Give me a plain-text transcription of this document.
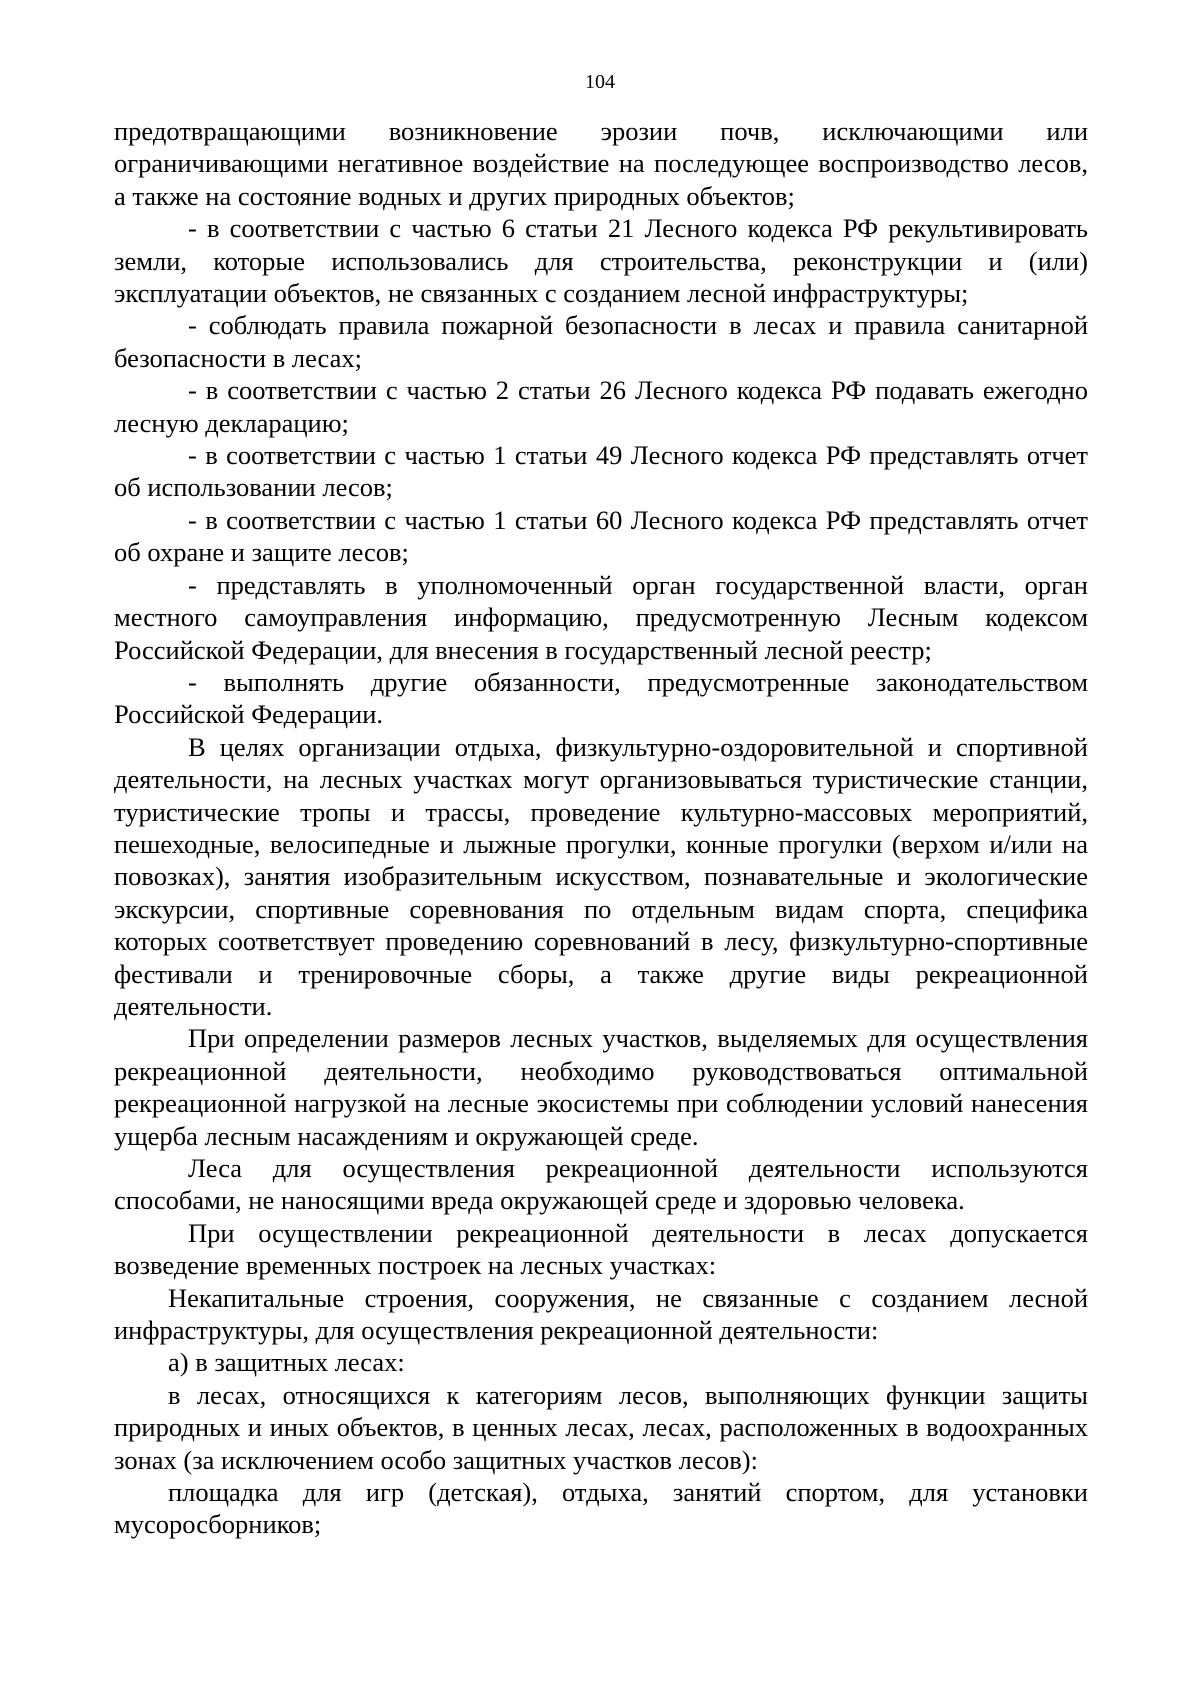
104

предотвращающими возникновение эрозии почв, исключающими или ограничивающими негативное воздействие на последующее воспроизводство лесов, а также на состояние водных и других природных объектов;

- в соответствии с частью 6 статьи 21 Лесного кодекса РФ рекультивировать земли, которые использовались для строительства, реконструкции и (или) эксплуатации объектов, не связанных с созданием лесной инфраструктуры;

- соблюдать правила пожарной безопасности в лесах и правила санитарной безопасности в лесах;

- в соответствии с частью 2 статьи 26 Лесного кодекса РФ подавать ежегодно лесную декларацию;

- в соответствии с частью 1 статьи 49 Лесного кодекса РФ представлять отчет об использовании лесов;

- в соответствии с частью 1 статьи 60 Лесного кодекса РФ представлять отчет об охране и защите лесов;

- представлять в уполномоченный орган государственной власти, орган местного самоуправления информацию, предусмотренную Лесным кодексом Российской Федерации, для внесения в государственный лесной реестр;

- выполнять другие обязанности, предусмотренные законодательством Российской Федерации.

В целях организации отдыха, физкультурно-оздоровительной и спортивной деятельности, на лесных участках могут организовываться туристические станции, туристические тропы и трассы, проведение культурно-массовых мероприятий, пешеходные, велосипедные и лыжные прогулки, конные прогулки (верхом и/или на повозках), занятия изобразительным искусством, познавательные и экологические экскурсии, спортивные соревнования по отдельным видам спорта, специфика которых соответствует проведению соревнований в лесу, физкультурно-спортивные фестивали и тренировочные сборы, а также другие виды рекреационной деятельности.

При определении размеров лесных участков, выделяемых для осуществления рекреационной деятельности, необходимо руководствоваться оптимальной рекреационной нагрузкой на лесные экосистемы при соблюдении условий нанесения ущерба лесным насаждениям и окружающей среде.

Леса для осуществления рекреационной деятельности используются способами, не наносящими вреда окружающей среде и здоровью человека.

При осуществлении рекреационной деятельности в лесах допускается возведение временных построек на лесных участках:

Некапитальные строения, сооружения, не связанные с созданием лесной инфраструктуры, для осуществления рекреационной деятельности:

а) в защитных лесах:

в лесах, относящихся к категориям лесов, выполняющих функции защиты природных и иных объектов, в ценных лесах, лесах, расположенных в водоохранных зонах (за исключением особо защитных участков лесов):

площадка для игр (детская), отдыха, занятий спортом, для установки мусоросборников;
